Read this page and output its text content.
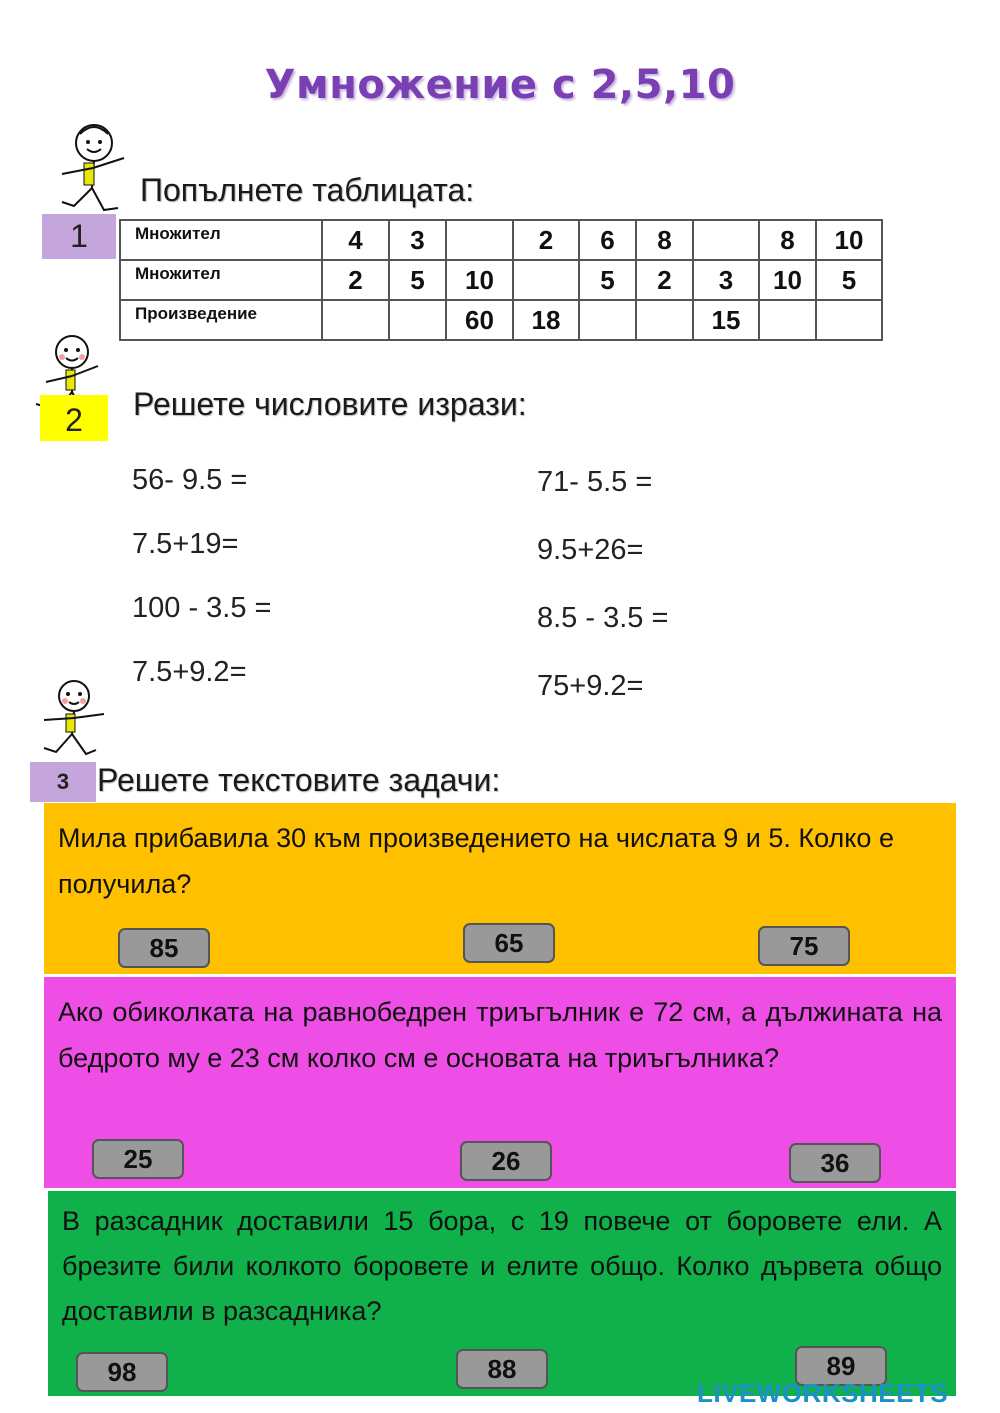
Умножение с 2,5,10
Попълнете таблицата:
1	Множител	4	3		2	6	8		8	10
Множител	2	5	10		5	2	3	10	5
Произведение			60	18			15		
2	Решете числовите изрази:
56- 9.5 =
7.5+19=
100 - 3.5 =
7.5+9.2=
71- 5.5 =
9.5+26=
8.5 - 3.5 =
75+9.2=
3 Решете текстовите задачи:
Мила прибавила 30 към произведението на числата 9 и 5. Колко е получила?
85	65	75
Ако обиколката на равнобедрен триъгълник е 72 см, а дължината на бедрото му е 23 см колко см е основата на триъгълника?
25	26	36
В разсадник доставили 15 бора, с 19 повече от боровете ели. А брезите били колкото боровете и елите общо. Колко дървета общо доставили в разсадника?
98	88	89
LIVEWORKSHEETS
